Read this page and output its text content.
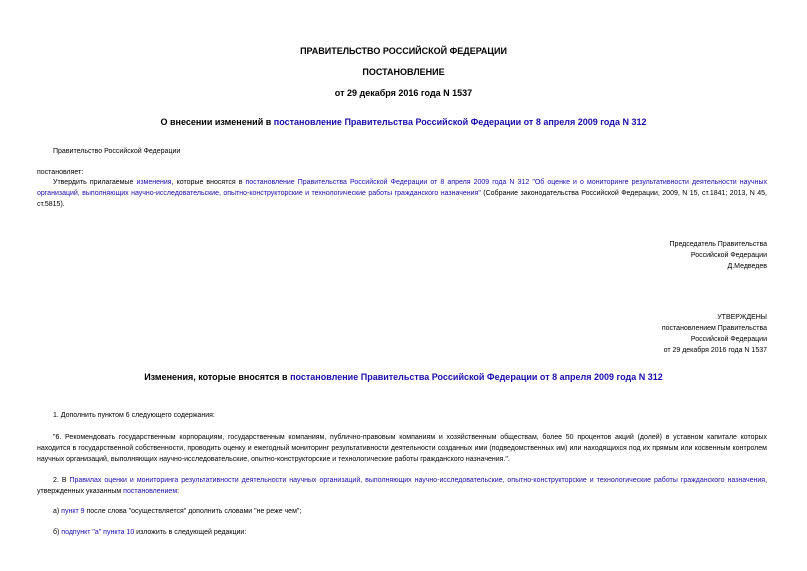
ПРАВИТЕЛЬСТВО РОССИЙСКОЙ ФЕДЕРАЦИИ
ПОСТАНОВЛЕНИЕ
от 29 декабря 2016 года N 1537
О внесении изменений в постановление Правительства Российской Федерации от 8 апреля 2009 года N 312
Правительство Российской Федерации
постановляет:
Утвердить прилагаемые изменения, которые вносятся в постановление Правительства Российской Федерации от 8 апреля 2009 года N 312 "Об оценке и о мониторинге результативности деятельности научных организаций, выполняющих научно-исследовательские, опытно-конструкторские и технологические работы гражданского назначения" (Собрание законодательства Российской Федерации, 2009, N 15, ст.1841; 2013, N 45, ст.5815).
Председатель Правительства
Российской Федерации
Д.Медведев
УТВЕРЖДЕНЫ
постановлением Правительства
Российской Федерации
от 29 декабря 2016 года N 1537
Изменения, которые вносятся в постановление Правительства Российской Федерации от 8 апреля 2009 года N 312
1. Дополнить пунктом 6 следующего содержания:
"6. Рекомендовать государственным корпорациям, государственным компаниям, публично-правовым компаниям и хозяйственным обществам, более 50 процентов акций (долей) в уставном капитале которых находится в государственной собственности, проводить оценку и ежегодный мониторинг результативности деятельности созданных ими (подведомственных им) или находящихся под их прямым или косвенным контролем научных организаций, выполняющих научно-исследовательские, опытно-конструкторские и технологические работы гражданского назначения.".
2. В Правилах оценки и мониторинга результативности деятельности научных организаций, выполняющих научно-исследовательские, опытно-конструкторские и технологические работы гражданского назначения, утвержденных указанным постановлением:
а) пункт 9 после слова "осуществляется" дополнить словами "не реже чем";
б) подпункт "а" пункта 10 изложить в следующей редакции:
